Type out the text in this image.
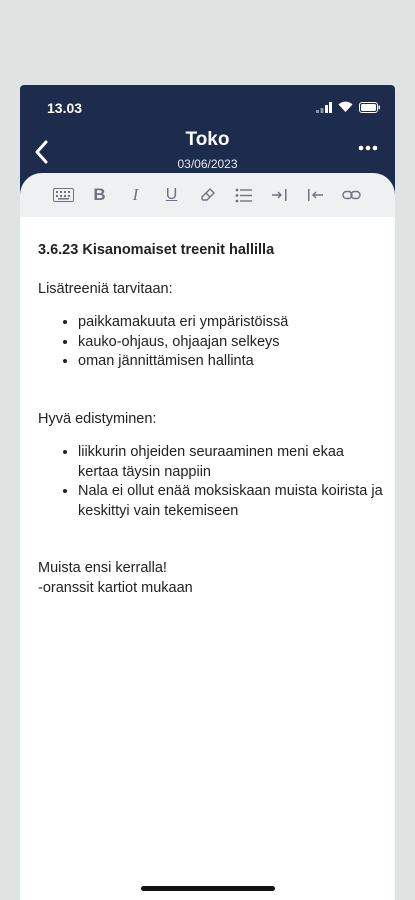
13.03
Toko
03/06/2023
B I U
3.6.23 Kisanomaiset treenit hallilla

Lisätreeniä tarvitaan:

• paikkamakuuta eri ympäristöissä
• kauko-ohjaus, ohjaajan selkeys
• oman jännittämisen hallinta

Hyvä edistyminen:

• liikkurin ohjeiden seuraaminen meni ekaa kertaa täysin nappiin
• Nala ei ollut enää moksiskaan muista koirista ja keskittyi vain tekemiseen

Muista ensi kerralla!

-oranssit kartiot mukaan
